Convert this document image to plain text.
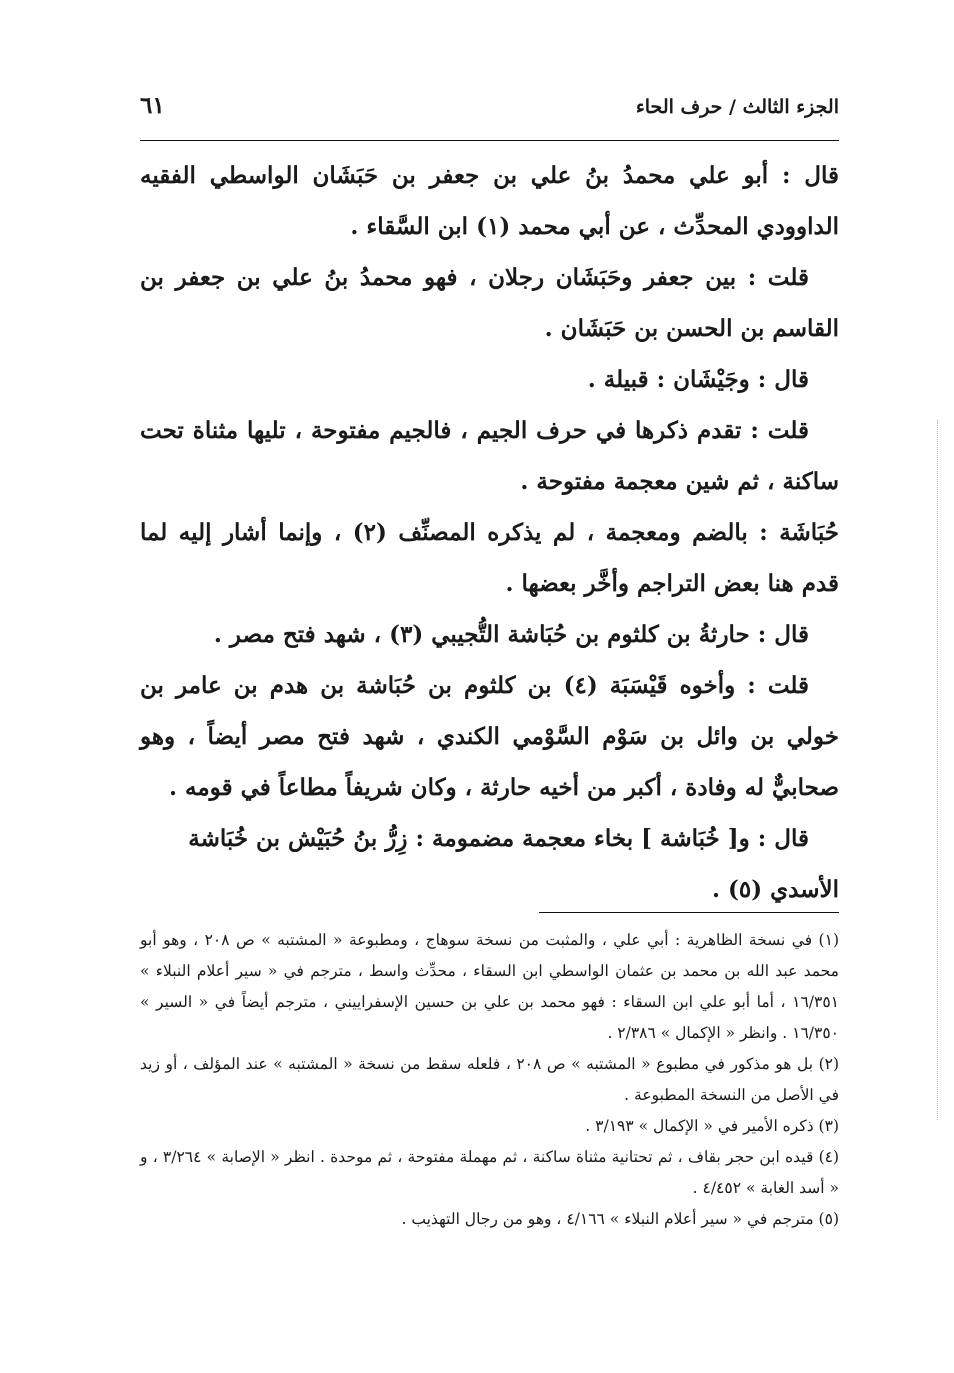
الجزء الثالث / حرف الحاء
٦١

قال : أبو علي محمدُ بنُ علي بن جعفر بن حَبَشَان الواسطي الفقيه الداوودي المحدِّث ، عن أبي محمد (١) ابن السَّقاء .

قلت : بين جعفر وحَبَشَان رجلان ، فهو محمدُ بنُ علي بن جعفر بن القاسم بن الحسن بن حَبَشَان .

قال : وجَيْشَان : قبيلة .

قلت : تقدم ذكرها في حرف الجيم ، فالجيم مفتوحة ، تليها مثناة تحت ساكنة ، ثم شين معجمة مفتوحة .

حُبَاشَة : بالضم ومعجمة ، لم يذكره المصنِّف (٢) ، وإنما أشار إليه لما قدم هنا بعض التراجم وأخَّر بعضها .

قال : حارثةُ بن كلثوم بن حُبَاشة التُّجيبي (٣) ، شهد فتح مصر .

قلت : وأخوه قَيْسَبَة (٤) بن كلثوم بن حُبَاشة بن هدم بن عامر بن خولي بن وائل بن سَوْم السَّوْمي الكندي ، شهد فتح مصر أيضاً ، وهو صحابيٌّ له وفادة ، أكبر من أخيه حارثة ، وكان شريفاً مطاعاً في قومه .

قال : و[ خُبَاشة ] بخاء معجمة مضمومة : زِرُّ بنُ حُبَيْش بن خُبَاشة الأسدي (٥) .

(١) في نسخة الظاهرية : أبي علي ، والمثبت من نسخة سوهاج ، ومطبوعة « المشتبه » ص ٢٠٨ ، وهو أبو محمد عبد الله بن محمد بن عثمان الواسطي ابن السقاء ، محدِّث واسط ، مترجم في « سير أعلام النبلاء » ١٦/٣٥١ ، أما أبو علي ابن السقاء : فهو محمد بن علي بن حسين الإسفراييني ، مترجم أيضاً في « السير » ١٦/٣٥٠ . وانظر « الإكمال » ٢/٣٨٦ .

(٢) بل هو مذكور في مطبوع « المشتبه » ص ٢٠٨ ، فلعله سقط من نسخة « المشتبه » عند المؤلف ، أو زيد في الأصل من النسخة المطبوعة .

(٣) ذكره الأمير في « الإكمال » ٣/١٩٣ .

(٤) قيده ابن حجر بقاف ، ثم تحتانية مثناة ساكنة ، ثم مهملة مفتوحة ، ثم موحدة . انظر « الإصابة » ٣/٢٦٤ ، و « أسد الغابة » ٤/٤٥٢ .

(٥) مترجم في « سير أعلام النبلاء » ٤/١٦٦ ، وهو من رجال التهذيب .
